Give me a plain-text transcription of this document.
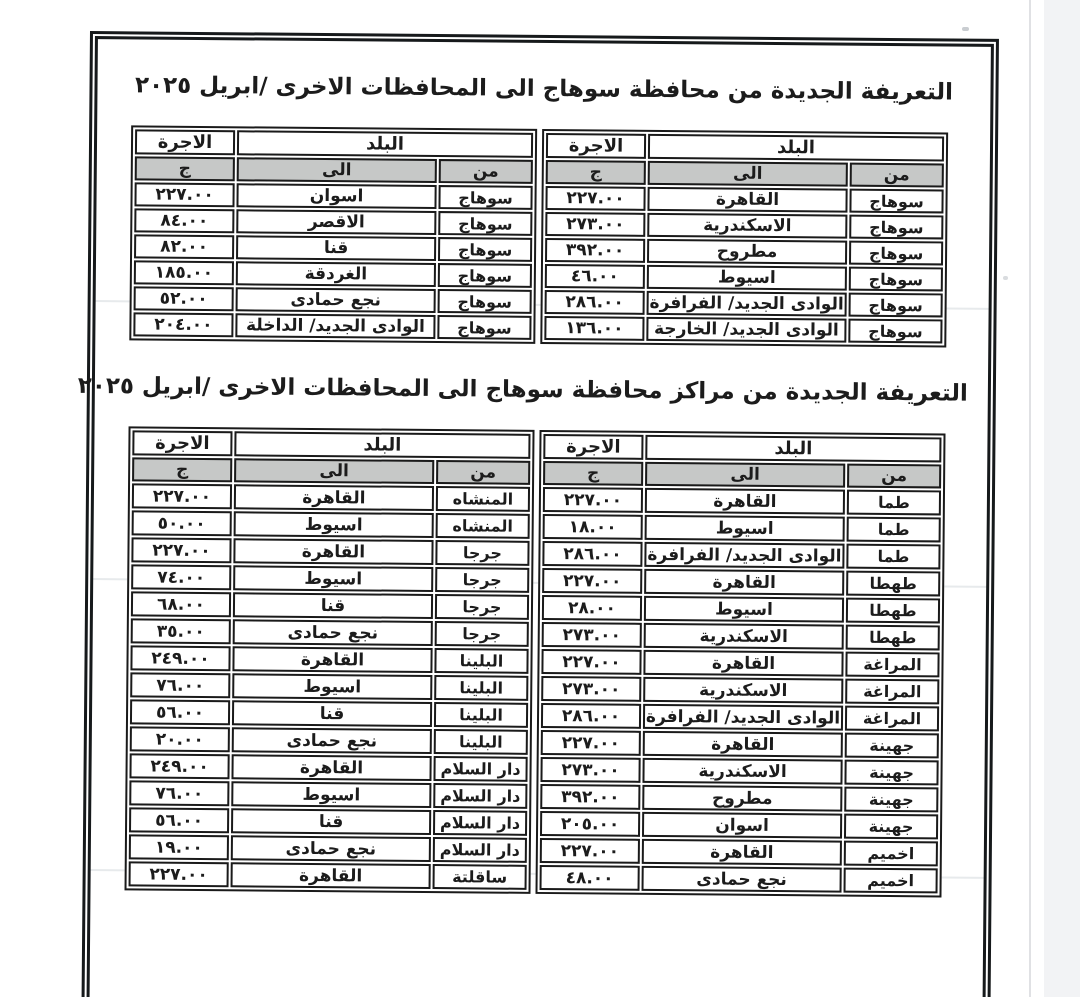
التعريفة الجديدة من محافظة سوهاج الى المحافظات الاخرى /ابريل ٢٠٢٥
البلد		الاجرة
من	الى	ج
سوهاج	القاهرة	٢٢٧.٠٠
سوهاج	الاسكندرية	٢٧٣.٠٠
سوهاج	مطروح	٣٩٢.٠٠
سوهاج	اسيوط	٤٦.٠٠
سوهاج	الوادى الجديد/ الفرافرة	٢٨٦.٠٠
سوهاج	الوادى الجديد/ الخارجة	١٣٦.٠٠
البلد		الاجرة
من	الى	ج
سوهاج	اسوان	٢٢٧.٠٠
سوهاج	الاقصر	٨٤.٠٠
سوهاج	قنا	٨٢.٠٠
سوهاج	الغردقة	١٨٥.٠٠
سوهاج	نجع حمادى	٥٢.٠٠
سوهاج	الوادى الجديد/ الداخلة	٢٠٤.٠٠
التعريفة الجديدة من مراكز محافظة سوهاج الى المحافظات الاخرى /ابريل ٢٠٢٥
البلد		الاجرة
من	الى	ج
طما	القاهرة	٢٢٧.٠٠
طما	اسيوط	١٨.٠٠
طما	الوادى الجديد/ الفرافرة	٢٨٦.٠٠
طهطا	القاهرة	٢٢٧.٠٠
طهطا	اسيوط	٢٨.٠٠
طهطا	الاسكندرية	٢٧٣.٠٠
المراغة	القاهرة	٢٢٧.٠٠
المراغة	الاسكندرية	٢٧٣.٠٠
المراغة	الوادى الجديد/ الفرافرة	٢٨٦.٠٠
جهينة	القاهرة	٢٢٧.٠٠
جهينة	الاسكندرية	٢٧٣.٠٠
جهينة	مطروح	٣٩٢.٠٠
جهينة	اسوان	٢٠٥.٠٠
اخميم	القاهرة	٢٢٧.٠٠
اخميم	نجع حمادى	٤٨.٠٠
البلد		الاجرة
من	الى	ج
المنشاه	القاهرة	٢٢٧.٠٠
المنشاه	اسيوط	٥٠.٠٠
جرجا	القاهرة	٢٢٧.٠٠
جرجا	اسيوط	٧٤.٠٠
جرجا	قنا	٦٨.٠٠
جرجا	نجع حمادى	٣٥.٠٠
البلينا	القاهرة	٢٤٩.٠٠
البلينا	اسيوط	٧٦.٠٠
البلينا	قنا	٥٦.٠٠
البلينا	نجع حمادى	٢٠.٠٠
دار السلام	القاهرة	٢٤٩.٠٠
دار السلام	اسيوط	٧٦.٠٠
دار السلام	قنا	٥٦.٠٠
دار السلام	نجع حمادى	١٩.٠٠
ساقلتة	القاهرة	٢٢٧.٠٠
